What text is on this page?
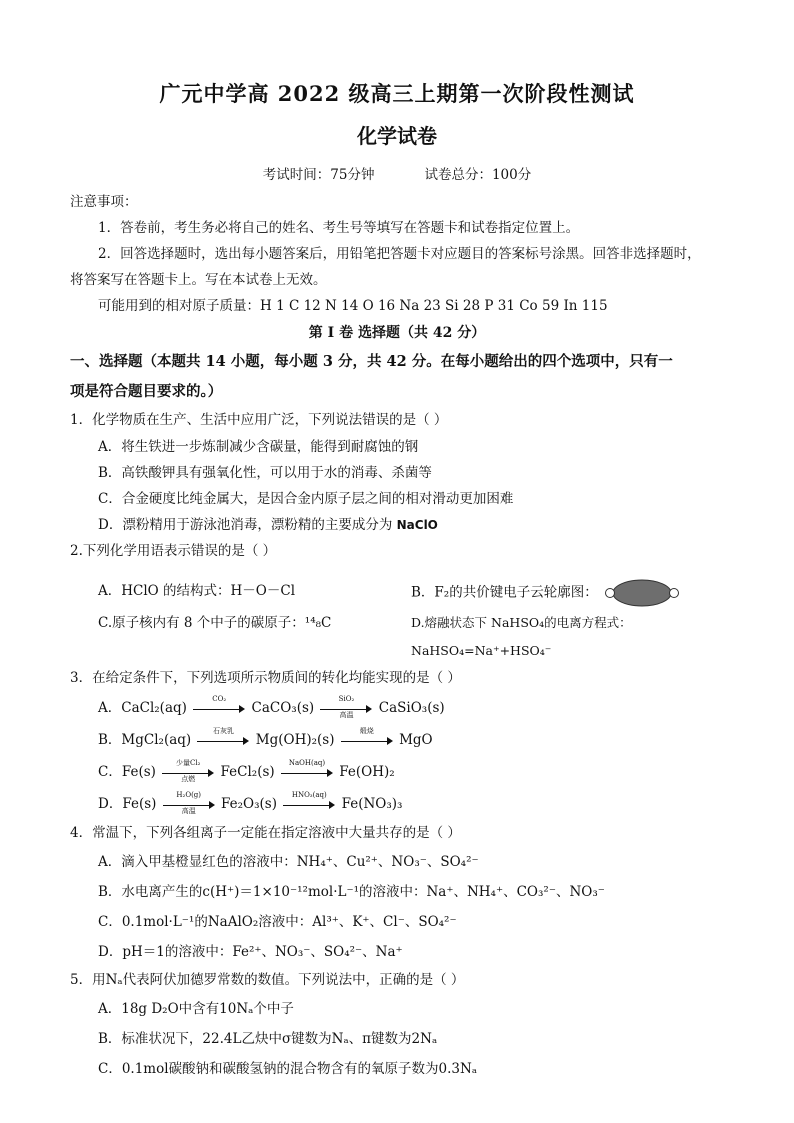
广元中学高 2022 级高三上期第一次阶段性测试
化学试卷
考试时间：75分钟	试卷总分：100分
注意事项：
1．答卷前，考生务必将自己的姓名、考生号等填写在答题卡和试卷指定位置上。
2．回答选择题时，选出每小题答案后，用铅笔把答题卡对应题目的答案标号涂黑。回答非选择题时，
将答案写在答题卡上。写在本试卷上无效。
可能用到的相对原子质量：H 1 C 12 N 14 O 16 Na 23 Si 28 P 31 Co 59 In 115
第 I 卷 选择题（共 42 分）
一、选择题（本题共 14 小题，每小题 3 分，共 42 分。在每小题给出的四个选项中，只有一
项是符合题目要求的。）
1．化学物质在生产、生活中应用广泛，下列说法错误的是（ ）
A．将生铁进一步炼制减少含碳量，能得到耐腐蚀的钢
B．高铁酸钾具有强氧化性，可以用于水的消毒、杀菌等
C．合金硬度比纯金属大，是因合金内原子层之间的相对滑动更加困难
D．漂粉精用于游泳池消毒，漂粉精的主要成分为 NaClO
2.下列化学用语表示错误的是（ ）
A．HClO 的结构式：H－O－Cl	B．F₂的共价键电子云轮廓图：
C.原子核内有 8 个中子的碳原子：¹⁴₈C	D.熔融状态下 NaHSO₄的电离方程式：NaHSO₄=Na⁺+HSO₄⁻
3．在给定条件下，下列选项所示物质间的转化均能实现的是（ ）
A．CaCl₂(aq)
CO₂
CaCO₃(s)
SiO₂
高温	CaSiO₃(s)
B．MgCl₂(aq)
石灰乳
Mg(OH)₂(s)
煅烧
MgO
C．Fe(s)
少量Cl₂
点燃	FeCl₂(s)
NaOH(aq)
Fe(OH)₂
D．Fe(s)
H₂O(g)
高温	Fe₂O₃(s)
HNO₃(aq)
Fe(NO₃)₃
4．常温下，下列各组离子一定能在指定溶液中大量共存的是（ ）
A．滴入甲基橙显红色的溶液中：NH₄⁺、Cu²⁺、NO₃⁻、SO₄²⁻
B．水电离产生的c(H⁺)＝1×10⁻¹²mol·L⁻¹的溶液中：Na⁺、NH₄⁺、CO₃²⁻、NO₃⁻
C．0.1mol·L⁻¹的NaAlO₂溶液中：Al³⁺、K⁺、Cl⁻、SO₄²⁻
D．pH＝1的溶液中：Fe²⁺、NO₃⁻、SO₄²⁻、Na⁺
5．用Nₐ代表阿伏加德罗常数的数值。下列说法中，正确的是（ ）
A．18g D₂O中含有10Nₐ个中子
B．标准状况下，22.4L乙炔中σ键数为Nₐ、π键数为2Nₐ
C．0.1mol碳酸钠和碳酸氢钠的混合物含有的氧原子数为0.3Nₐ
